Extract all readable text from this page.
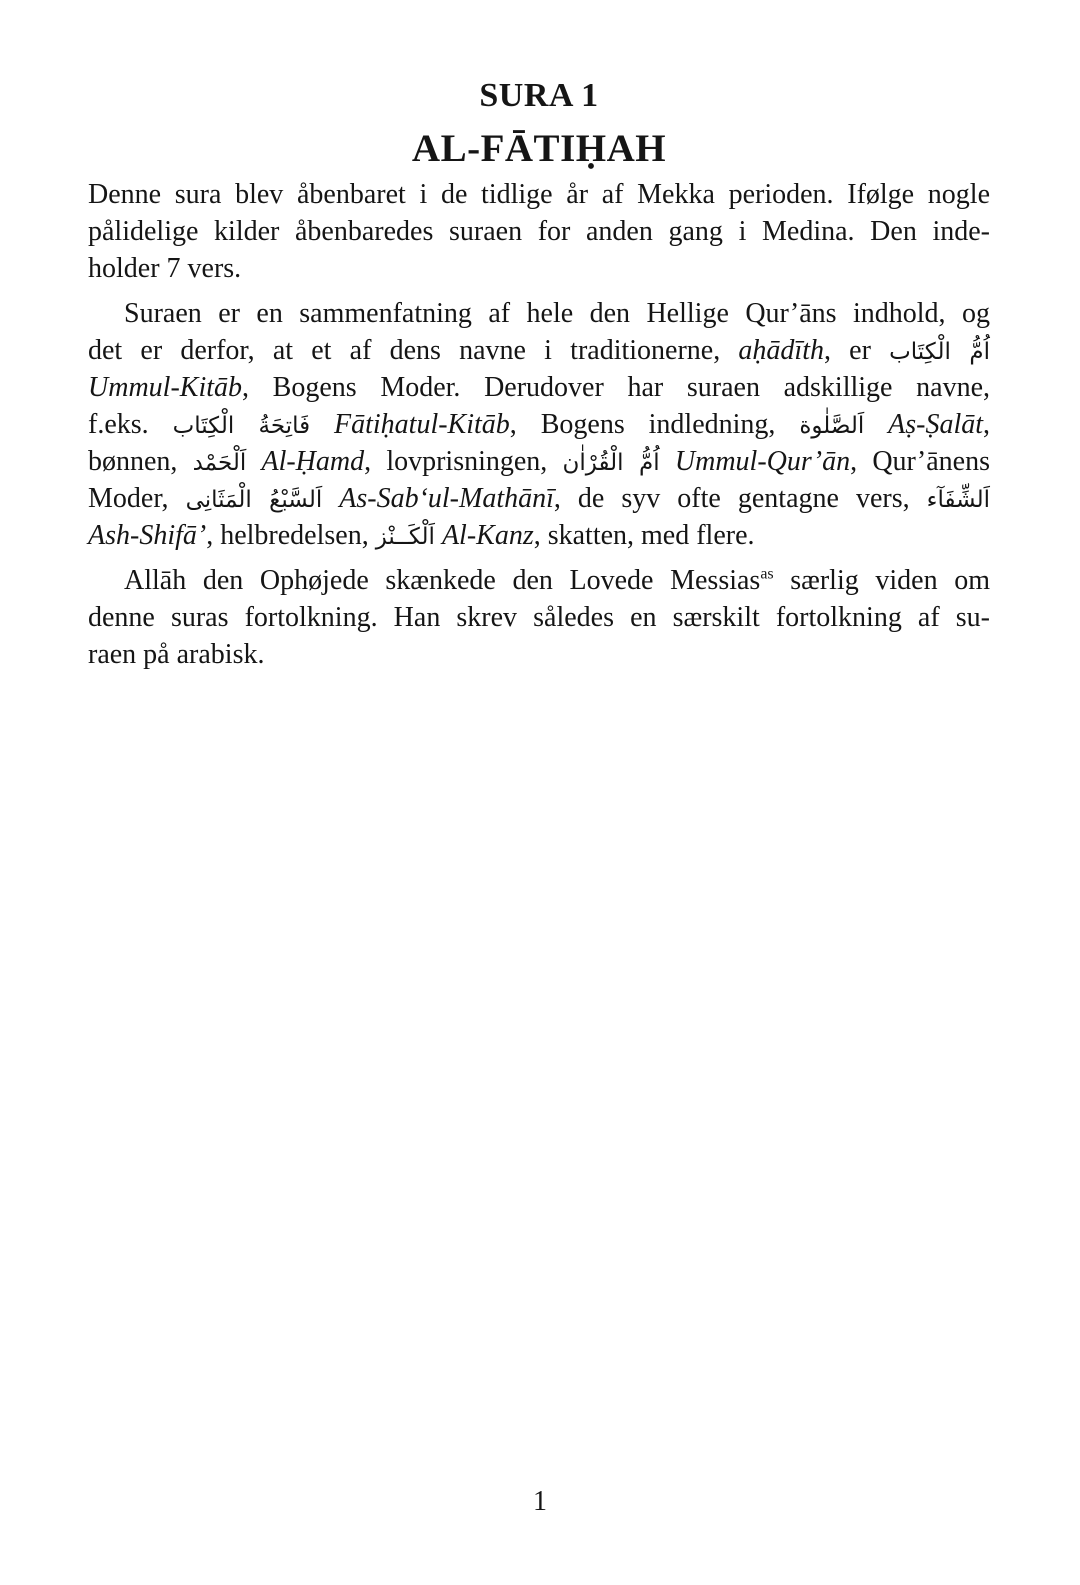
SURA 1
AL-FĀTIḤAH
Denne sura blev åbenbaret i de tidlige år af Mekka perioden. Ifølge nogle
pålidelige kilder åbenbaredes suraen for anden gang i Medina. Den inde-
holder 7 vers.
Suraen er en sammenfatning af hele den Hellige Qur’āns indhold, og
det er derfor, at et af dens navne i traditionerne, aḥādīth, er اُمُّ الْكِتَاب
Ummul-Kitāb, Bogens Moder. Derudover har suraen adskillige navne,
f.eks. فَاتِحَةُ الْكِتَاب Fātiḥatul-Kitāb, Bogens indledning, اَلصَّلٰوة Aṣ-Ṣalāt,
bønnen, اَلْحَمْد Al-Ḥamd, lovprisningen, اُمُّ الْقُرْاٰن Ummul-Qur’ān, Qur’ānens
Moder, اَلسَّبْعُ الْمَثَانِى As-Sab‘ul-Mathānī, de syv ofte gentagne vers, اَلشِّفَآء
Ash-Shifā’, helbredelsen, اَلْكَــنْز Al-Kanz, skatten, med flere.
Allāh den Ophøjede skænkede den Lovede Messias$^{as}$ særlig viden om
denne suras fortolkning. Han skrev således en særskilt fortolkning af su-
raen på arabisk.
1
